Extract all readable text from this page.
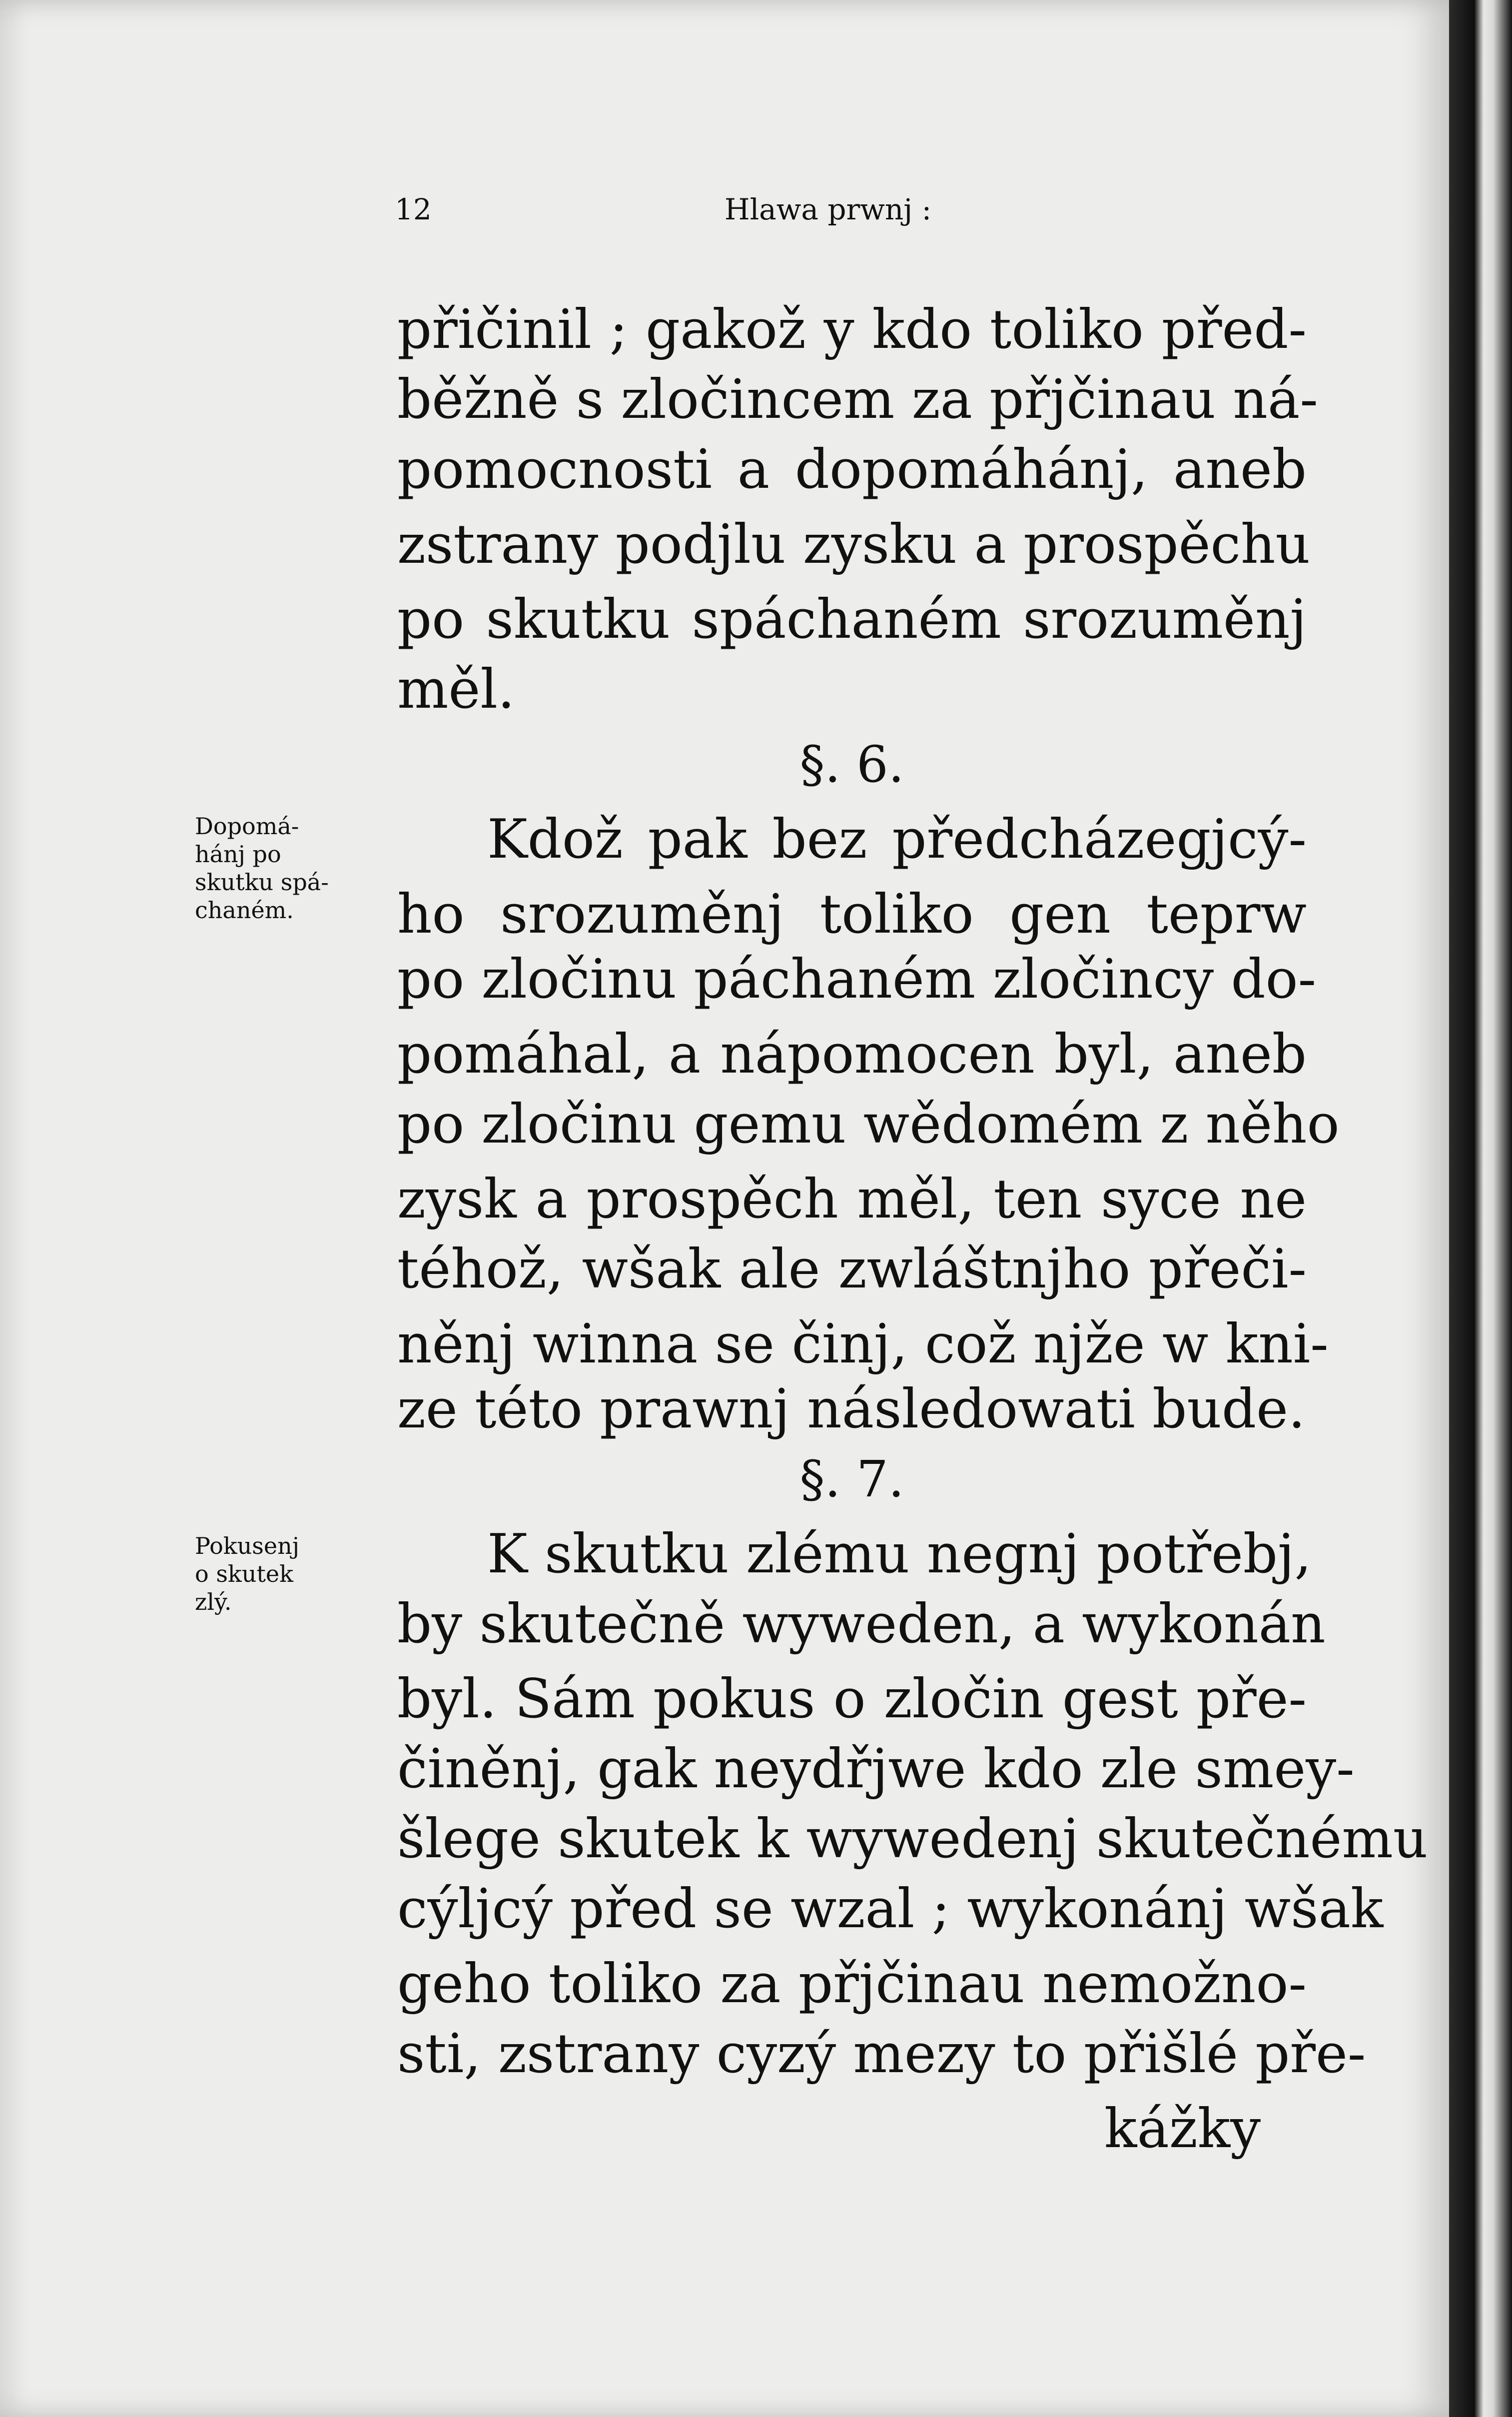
12	Hlawa prwnj :
přičinil ; gakož y kdo toliko před-
běžně s zločincem za přjčinau ná-
pomocnosti a dopomáhánj, aneb
zstrany podjlu zysku a prospěchu
po skutku spáchaném srozuměnj
měl.
§. 6.
Dopomá-
hánj po
skutku spá-
chaném.
Kdož pak bez předcházegjcý-
ho srozuměnj toliko gen teprw
po zločinu páchaném zločincy do-
pomáhal, a nápomocen byl, aneb
po zločinu gemu wědomém z něho
zysk a prospěch měl, ten syce ne
téhož, wšak ale zwláštnjho přeči-
něnj winna se činj, což njže w kni-
ze této prawnj následowati bude.
§. 7.
Pokusenj
o skutek
zlý.
K skutku zlému negnj potřebj,
by skutečně wywеden, a wykonán
byl. Sám pokus o zločin gest pře-
činěnj, gak neydřjwe kdo zle smey-
šlege skutek k wywеdenj skutečnému
cýljcý před se wzal ; wykonánj wšak
geho toliko za přjčinau nemožno-
sti, zstrany cyzý mezy to přišlé pře-
kážky
